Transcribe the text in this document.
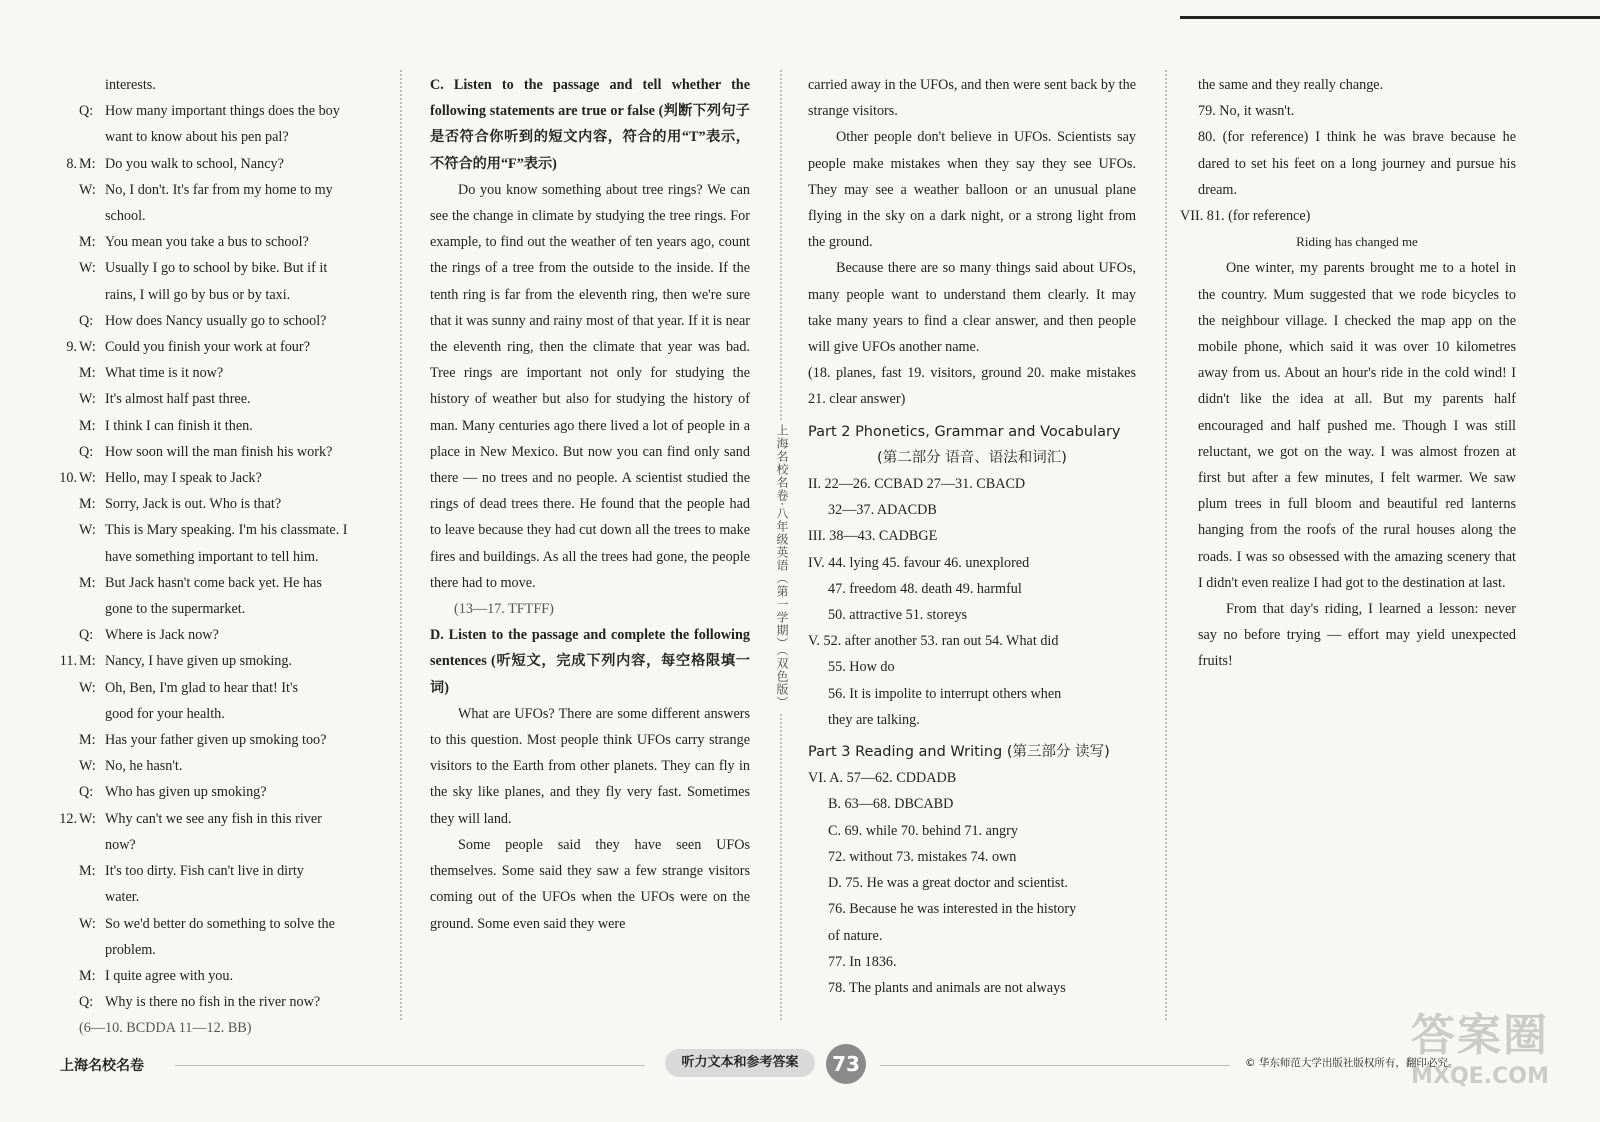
上海名校名卷·八年级英语（第一学期）（双色版）
interests.
Q: How many important things does the boy
want to know about his pen pal?
8. M: Do you walk to school, Nancy?
W: No, I don't. It's far from my home to my
school.
M: You mean you take a bus to school?
W: Usually I go to school by bike. But if it
rains, I will go by bus or by taxi.
Q: How does Nancy usually go to school?
9. W: Could you finish your work at four?
M: What time is it now?
W: It's almost half past three.
M: I think I can finish it then.
Q: How soon will the man finish his work?
10. W: Hello, may I speak to Jack?
M: Sorry, Jack is out. Who is that?
W: This is Mary speaking. I'm his classmate. I
have something important to tell him.
M: But Jack hasn't come back yet. He has
gone to the supermarket.
Q: Where is Jack now?
11. M: Nancy, I have given up smoking.
W: Oh, Ben, I'm glad to hear that! It's
good for your health.
M: Has your father given up smoking too?
W: No, he hasn't.
Q: Who has given up smoking?
12. W: Why can't we see any fish in this river
now?
M: It's too dirty. Fish can't live in dirty
water.
W: So we'd better do something to solve the
problem.
M: I quite agree with you.
Q: Why is there no fish in the river now?
(6—10. BCDDA 11—12. BB)
C. Listen to the passage and tell whether the following statements are true or false (判断下列句子是否符合你听到的短文内容，符合的用“T”表示，不符合的用“F”表示)
Do you know something about tree rings? We can see the change in climate by studying the tree rings. For example, to find out the weather of ten years ago, count the rings of a tree from the outside to the inside. If the tenth ring is far from the eleventh ring, then we're sure that it was sunny and rainy most of that year. If it is near the eleventh ring, then the climate that year was bad. Tree rings are important not only for studying the history of weather but also for studying the history of man. Many centuries ago there lived a lot of people in a place in New Mexico. But now you can find only sand there — no trees and no people. A scientist studied the rings of dead trees there. He found that the people had to leave because they had cut down all the trees to make fires and buildings. As all the trees had gone, the people there had to move.
(13—17. TFTFF)
D. Listen to the passage and complete the following sentences (听短文，完成下列内容，每空格限填一词)
What are UFOs? There are some different answers to this question. Most people think UFOs carry strange visitors to the Earth from other planets. They can fly in the sky like planes, and they fly very fast. Sometimes they will land.
Some people said they have seen UFOs themselves. Some said they saw a few strange visitors coming out of the UFOs when the UFOs were on the ground. Some even said they were
carried away in the UFOs, and then were sent back by the strange visitors.
Other people don't believe in UFOs. Scientists say people make mistakes when they say they see UFOs. They may see a weather balloon or an unusual plane flying in the sky on a dark night, or a strong light from the ground.
Because there are so many things said about UFOs, many people want to understand them clearly. It may take many years to find a clear answer, and then people will give UFOs another name.
(18. planes, fast 19. visitors, ground 20. make mistakes 21. clear answer)
Part 2 Phonetics, Grammar and Vocabulary
(第二部分 语音、语法和词汇)
II. 22—26. CCBAD 27—31. CBACD
32—37. ADACDB
III. 38—43. CADBGE
IV. 44. lying 45. favour 46. unexplored
47. freedom 48. death 49. harmful
50. attractive 51. storeys
V. 52. after another 53. ran out 54. What did
55. How do
56. It is impolite to interrupt others when
they are talking.
Part 3 Reading and Writing (第三部分 读写)
VI. A. 57—62. CDDADB
B. 63—68. DBCABD
C. 69. while 70. behind 71. angry
72. without 73. mistakes 74. own
D. 75. He was a great doctor and scientist.
76. Because he was interested in the history
of nature.
77. In 1836.
78. The plants and animals are not always
the same and they really change.
79. No, it wasn't.
80. (for reference) I think he was brave because he dared to set his feet on a long journey and pursue his dream.
VII. 81. (for reference)
Riding has changed me
One winter, my parents brought me to a hotel in the country. Mum suggested that we rode bicycles to the neighbour village. I checked the map app on the mobile phone, which said it was over 10 kilometres away from us. About an hour's ride in the cold wind! I didn't like the idea at all. But my parents half encouraged and half pushed me. Though I was still reluctant, we got on the way. I was almost frozen at first but after a few minutes, I felt warmer. We saw plum trees in full bloom and beautiful red lanterns hanging from the roofs of the rural houses along the roads. I was so obsessed with the amazing scenery that I didn't even realize I had got to the destination at last.
From that day's riding, I learned a lesson: never say no before trying — effort may yield unexpected fruits!
上海名校名卷	听力文本和参考答案	73	© 华东师范大学出版社版权所有，翻印必究。
答案圈
MXQE.COM
